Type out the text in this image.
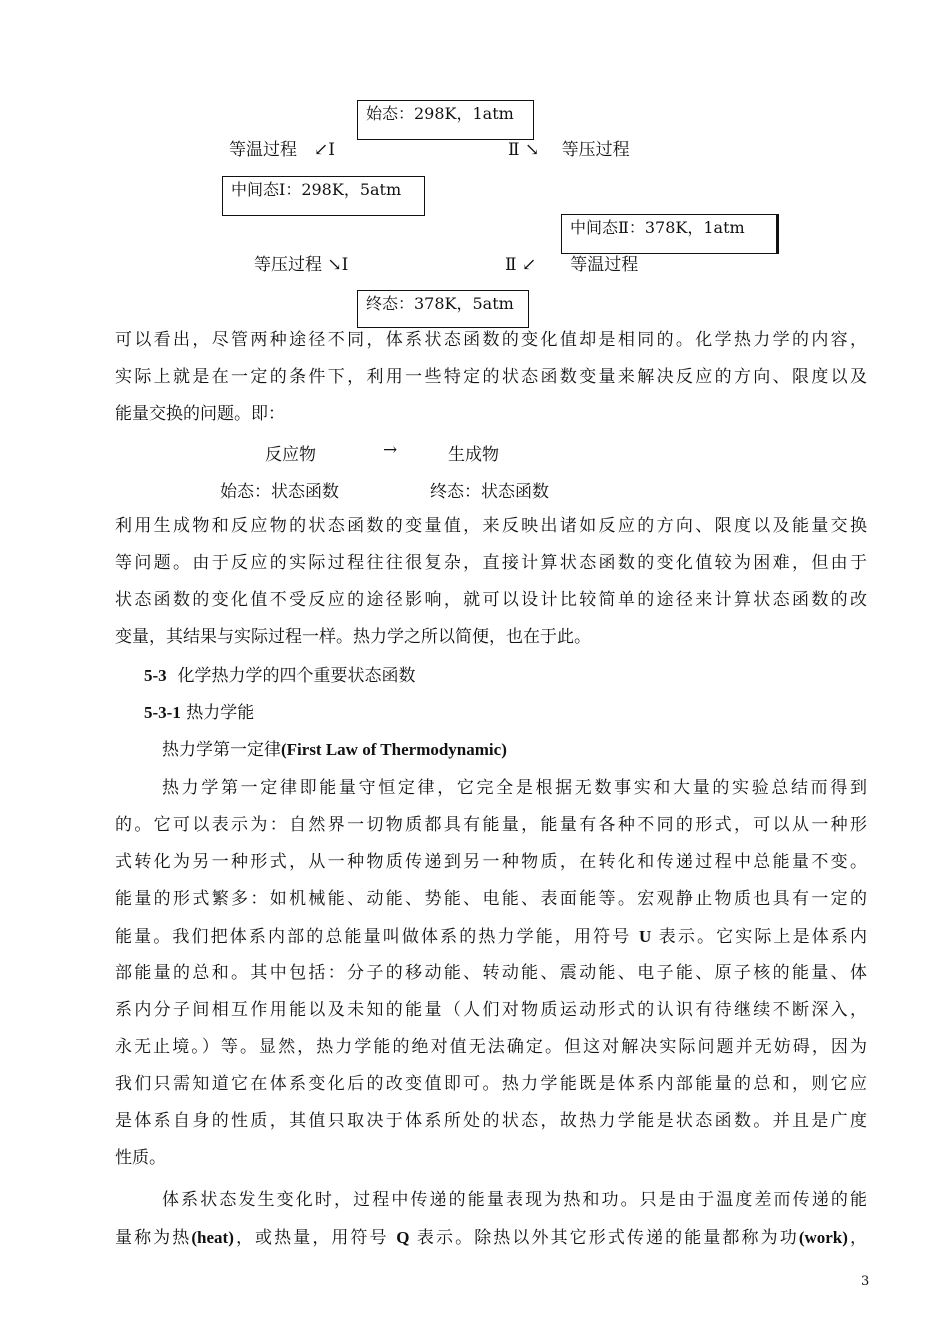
始态：298K，1atm
等温过程　↙Ⅰ	Ⅱ ↘　 等压过程
中间态Ⅰ：298K，5atm
中间态Ⅱ：378K，1atm
等压过程 ↘Ⅰ	Ⅱ ↙　　等温过程
终态：378K，5atm
可以看出，尽管两种途径不同，体系状态函数的变化值却是相同的。化学热力学的内容，
实际上就是在一定的条件下，利用一些特定的状态函数变量来解决反应的方向、限度以及
能量交换的问题。即：
反应物	→	生成物
始态：状态函数	终态：状态函数
利用生成物和反应物的状态函数的变量值，来反映出诸如反应的方向、限度以及能量交换
等问题。由于反应的实际过程往往很复杂，直接计算状态函数的变化值较为困难，但由于
状态函数的变化值不受反应的途径影响，就可以设计比较简单的途径来计算状态函数的改
变量，其结果与实际过程一样。热力学之所以简便，也在于此。
5-3 化学热力学的四个重要状态函数
5-3-1 热力学能
热力学第一定律(First Law of Thermodynamic)
热力学第一定律即能量守恒定律，它完全是根据无数事实和大量的实验总结而得到
的。它可以表示为：自然界一切物质都具有能量，能量有各种不同的形式，可以从一种形
式转化为另一种形式，从一种物质传递到另一种物质，在转化和传递过程中总能量不变。
能量的形式繁多：如机械能、动能、势能、电能、表面能等。宏观静止物质也具有一定的
能量。我们把体系内部的总能量叫做体系的热力学能，用符号 U 表示。它实际上是体系内
部能量的总和。其中包括：分子的移动能、转动能、震动能、电子能、原子核的能量、体
系内分子间相互作用能以及未知的能量（人们对物质运动形式的认识有待继续不断深入，
永无止境。）等。显然，热力学能的绝对值无法确定。但这对解决实际问题并无妨碍，因为
我们只需知道它在体系变化后的改变值即可。热力学能既是体系内部能量的总和，则它应
是体系自身的性质，其值只取决于体系所处的状态，故热力学能是状态函数。并且是广度
性质。
体系状态发生变化时，过程中传递的能量表现为热和功。只是由于温度差而传递的能
量称为热(heat)，或热量，用符号 Q 表示。除热以外其它形式传递的能量都称为功(work)，
3
